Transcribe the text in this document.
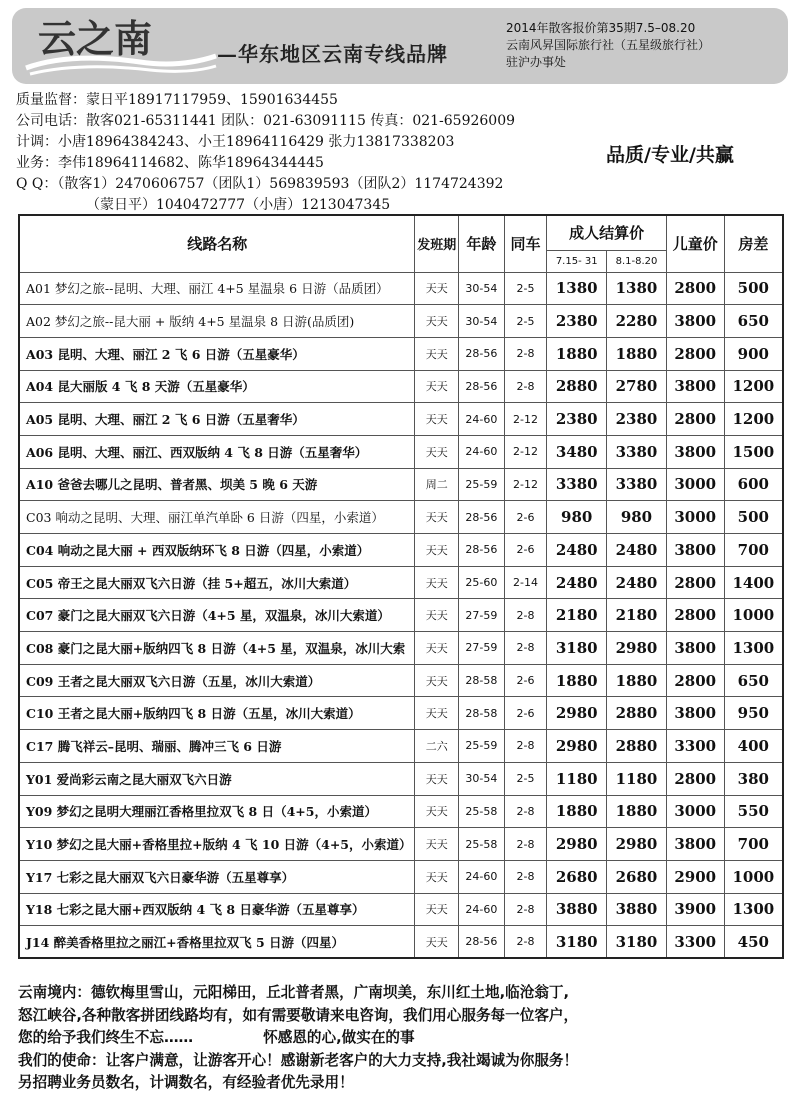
云之南	—华东地区云南专线品牌
2014年散客报价第35期7.5–08.20
云南风昇国际旅行社（五星级旅行社）
驻沪办事处
质量监督：蒙日平18917117959、15901634455
公司电话：散客021-65311441 团队：021-63091115 传真：021-65926009
计调：小唐18964384243、小王18964116429 张力13817338203
业务：李伟18964114682、陈华18964344445
Q Q：（散客1）2470606757（团队1）569839593（团队2）1174724392
（蒙日平）1040472777（小唐）1213047345
品质/专业/共赢
线路名称	发班期	年龄	同车	成人结算价		儿童价	房差
				7.15- 31	8.1-8.20		
A01 梦幻之旅--昆明、大理、丽江 4+5 星温泉 6 日游（品质团）	天天	30-54	2-5	1380	1380	2800	500
A02 梦幻之旅--昆大丽 + 版纳 4+5 星温泉 8 日游(品质团)	天天	30-54	2-5	2380	2280	3800	650
A03 昆明、大理、丽江 2 飞 6 日游（五星豪华）	天天	28-56	2-8	1880	1880	2800	900
A04 昆大丽版 4 飞 8 天游（五星豪华）	天天	28-56	2-8	2880	2780	3800	1200
A05 昆明、大理、丽江 2 飞 6 日游（五星奢华）	天天	24-60	2-12	2380	2380	2800	1200
A06 昆明、大理、丽江、西双版纳 4 飞 8 日游（五星奢华）	天天	24-60	2-12	3480	3380	3800	1500
A10 爸爸去哪儿之昆明、普者黑、坝美 5 晚 6 天游	周二	25-59	2-12	3380	3380	3000	600
C03 响动之昆明、大理、丽江单汽单卧 6 日游（四星，小索道）	天天	28-56	2-6	980	980	3000	500
C04 响动之昆大丽 + 西双版纳环飞 8 日游（四星，小索道）	天天	28-56	2-6	2480	2480	3800	700
C05 帝王之昆大丽双飞六日游（挂 5+超五，冰川大索道）	天天	25-60	2-14	2480	2480	2800	1400
C07 豪门之昆大丽双飞六日游（4+5 星，双温泉，冰川大索道）	天天	27-59	2-8	2180	2180	2800	1000
C08 豪门之昆大丽+版纳四飞 8 日游（4+5 星，双温泉，冰川大索	天天	27-59	2-8	3180	2980	3800	1300
C09 王者之昆大丽双飞六日游（五星，冰川大索道）	天天	28-58	2-6	1880	1880	2800	650
C10 王者之昆大丽+版纳四飞 8 日游（五星，冰川大索道）	天天	28-58	2-6	2980	2880	3800	950
C17 腾飞祥云–昆明、瑞丽、腾冲三飞 6 日游	二六	25-59	2-8	2980	2880	3300	400
Y01 爱尚彩云南之昆大丽双飞六日游	天天	30-54	2-5	1180	1180	2800	380
Y09 梦幻之昆明大理丽江香格里拉双飞 8 日（4+5，小索道）	天天	25-58	2-8	1880	1880	3000	550
Y10 梦幻之昆大丽+香格里拉+版纳 4 飞 10 日游（4+5，小索道）	天天	25-58	2-8	2980	2980	3800	700
Y17 七彩之昆大丽双飞六日豪华游（五星尊享）	天天	24-60	2-8	2680	2680	2900	1000
Y18 七彩之昆大丽+西双版纳 4 飞 8 日豪华游（五星尊享）	天天	24-60	2-8	3880	3880	3900	1300
J14 醉美香格里拉之丽江+香格里拉双飞 5 日游（四星）	天天	28-56	2-8	3180	3180	3300	450
云南境内：德钦梅里雪山，元阳梯田，丘北普者黑，广南坝美，东川红土地,临沧翁丁,
怒江峡谷,各种散客拼团线路均有，如有需要敬请来电咨询，我们用心服务每一位客户，
您的给予我们终生不忘……	怀感恩的心,做实在的事
我们的使命：让客户满意，让游客开心！感谢新老客户的大力支持,我社竭诚为你服务！
另招聘业务员数名，计调数名，有经验者优先录用！
